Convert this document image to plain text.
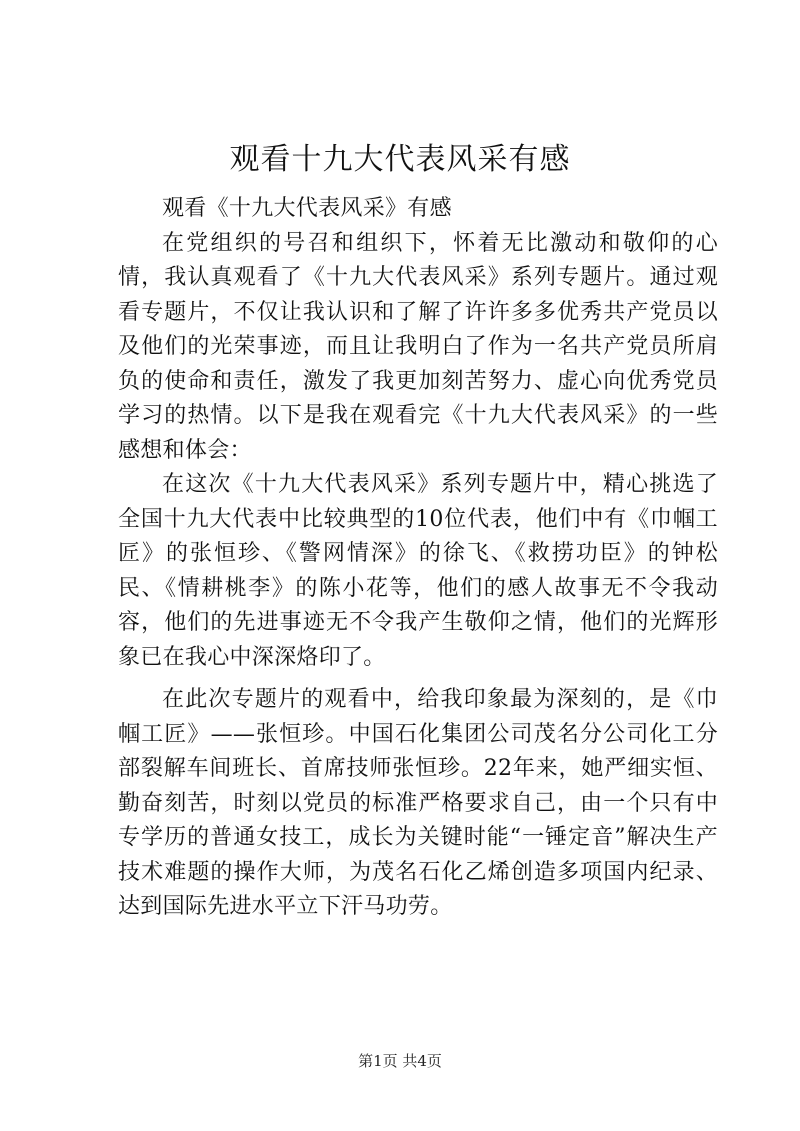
观看十九大代表风采有感

观看《十九大代表风采》有感

在党组织的号召和组织下，怀着无比激动和敬仰的心情，我认真观看了《十九大代表风采》系列专题片。通过观看专题片，不仅让我认识和了解了许许多多优秀共产党员以及他们的光荣事迹，而且让我明白了作为一名共产党员所肩负的使命和责任，激发了我更加刻苦努力、虚心向优秀党员学习的热情。以下是我在观看完《十九大代表风采》的一些感想和体会：

在这次《十九大代表风采》系列专题片中，精心挑选了全国十九大代表中比较典型的10位代表，他们中有《巾帼工匠》的张恒珍、《警网情深》的徐飞、《救捞功臣》的钟松民、《情耕桃李》的陈小花等，他们的感人故事无不令我动容，他们的先进事迹无不令我产生敬仰之情，他们的光辉形象已在我心中深深烙印了。

在此次专题片的观看中，给我印象最为深刻的，是《巾帼工匠》——张恒珍。中国石化集团公司茂名分公司化工分部裂解车间班长、首席技师张恒珍。22年来，她严细实恒、勤奋刻苦，时刻以党员的标准严格要求自己，由一个只有中专学历的普通女技工，成长为关键时能“一锤定音”解决生产技术难题的操作大师，为茂名石化乙烯创造多项国内纪录、达到国际先进水平立下汗马功劳。

第1页 共4页
